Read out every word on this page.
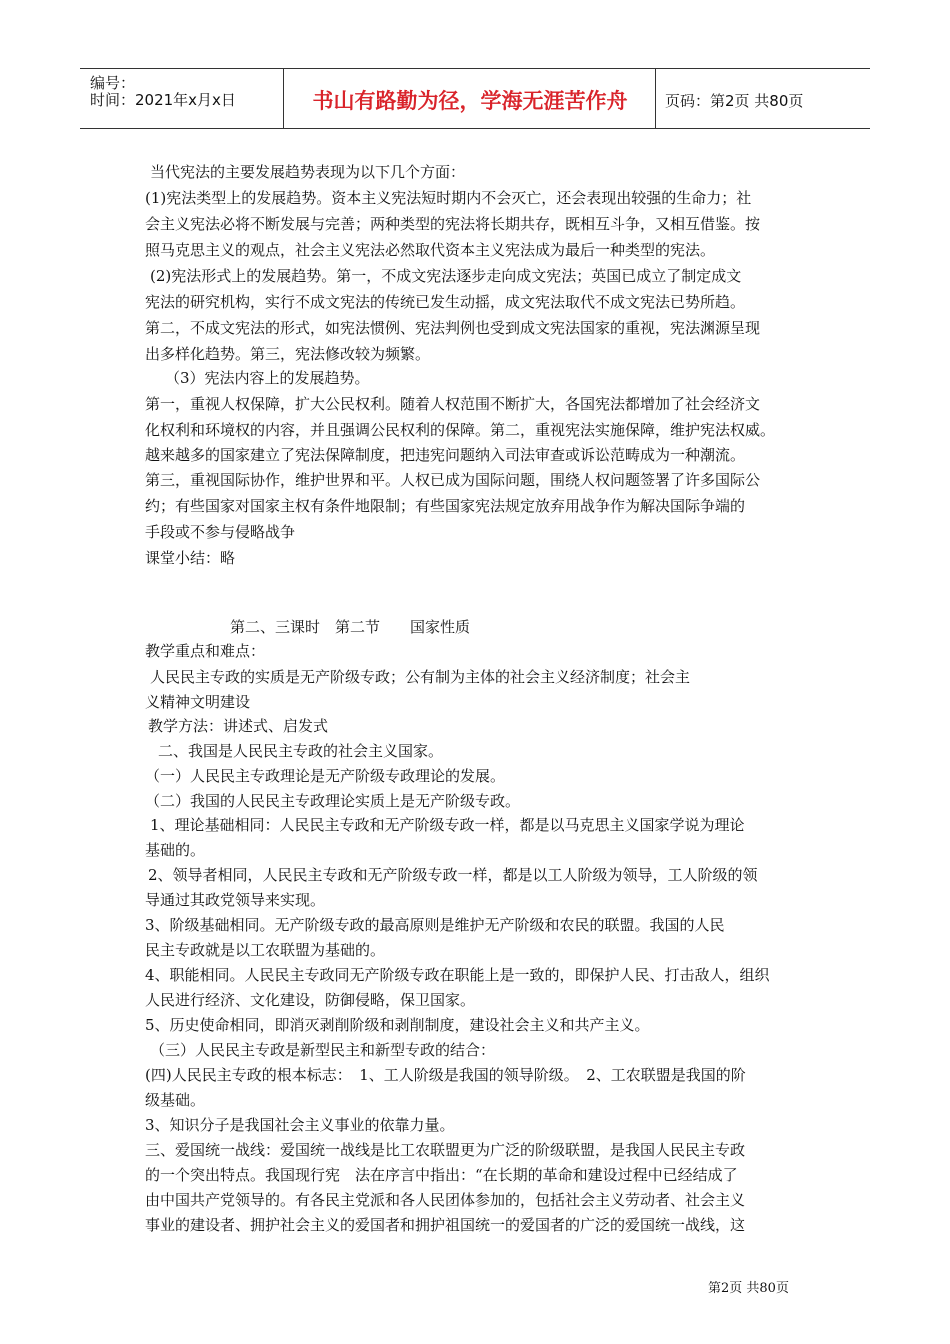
编号：
时间：2021年x月x日	书山有路勤为径，学海无涯苦作舟	页码：第2页 共80页
当代宪法的主要发展趋势表现为以下几个方面：
(1)宪法类型上的发展趋势。资本主义宪法短时期内不会灭亡，还会表现出较强的生命力；社
会主义宪法必将不断发展与完善；两种类型的宪法将长期共存，既相互斗争，又相互借鉴。按
照马克思主义的观点，社会主义宪法必然取代资本主义宪法成为最后一种类型的宪法。
(2)宪法形式上的发展趋势。第一，不成文宪法逐步走向成文宪法；英国已成立了制定成文
宪法的研究机构，实行不成文宪法的传统已发生动摇，成文宪法取代不成文宪法已势所趋。
第二，不成文宪法的形式，如宪法惯例、宪法判例也受到成文宪法国家的重视，宪法渊源呈现
出多样化趋势。第三，宪法修改较为频繁。
（3）宪法内容上的发展趋势。
第一，重视人权保障，扩大公民权利。随着人权范围不断扩大，各国宪法都增加了社会经济文
化权利和环境权的内容，并且强调公民权利的保障。第二，重视宪法实施保障，维护宪法权威。
越来越多的国家建立了宪法保障制度，把违宪问题纳入司法审查或诉讼范畴成为一种潮流。
第三，重视国际协作，维护世界和平。人权已成为国际问题，围绕人权问题签署了许多国际公
约；有些国家对国家主权有条件地限制；有些国家宪法规定放弃用战争作为解决国际争端的
手段或不参与侵略战争
课堂小结：略
第二、三课时　第二节　　国家性质
教学重点和难点：
人民民主专政的实质是无产阶级专政；公有制为主体的社会主义经济制度；社会主
义精神文明建设
教学方法：讲述式、启发式
二、我国是人民民主专政的社会主义国家。
（一）人民民主专政理论是无产阶级专政理论的发展。
（二）我国的人民民主专政理论实质上是无产阶级专政。
1、理论基础相同：人民民主专政和无产阶级专政一样，都是以马克思主义国家学说为理论
基础的。
2、领导者相同，人民民主专政和无产阶级专政一样，都是以工人阶级为领导，工人阶级的领
导通过其政党领导来实现。
3、阶级基础相同。无产阶级专政的最高原则是维护无产阶级和农民的联盟。我国的人民
民主专政就是以工农联盟为基础的。
4、职能相同。人民民主专政同无产阶级专政在职能上是一致的，即保护人民、打击敌人，组织
人民进行经济、文化建设，防御侵略，保卫国家。
5、历史使命相同，即消灭剥削阶级和剥削制度，建设社会主义和共产主义。
（三）人民民主专政是新型民主和新型专政的结合：
(四)人民民主专政的根本标志：　1、工人阶级是我国的领导阶级。　2、工农联盟是我国的阶
级基础。
3、知识分子是我国社会主义事业的依靠力量。
三、爱国统一战线：爱国统一战线是比工农联盟更为广泛的阶级联盟，是我国人民民主专政
的一个突出特点。我国现行宪　法在序言中指出：“在长期的革命和建设过程中已经结成了
由中国共产党领导的。有各民主党派和各人民团体参加的，包括社会主义劳动者、社会主义
事业的建设者、拥护社会主义的爱国者和拥护祖国统一的爱国者的广泛的爱国统一战线，这
第2页 共80页
